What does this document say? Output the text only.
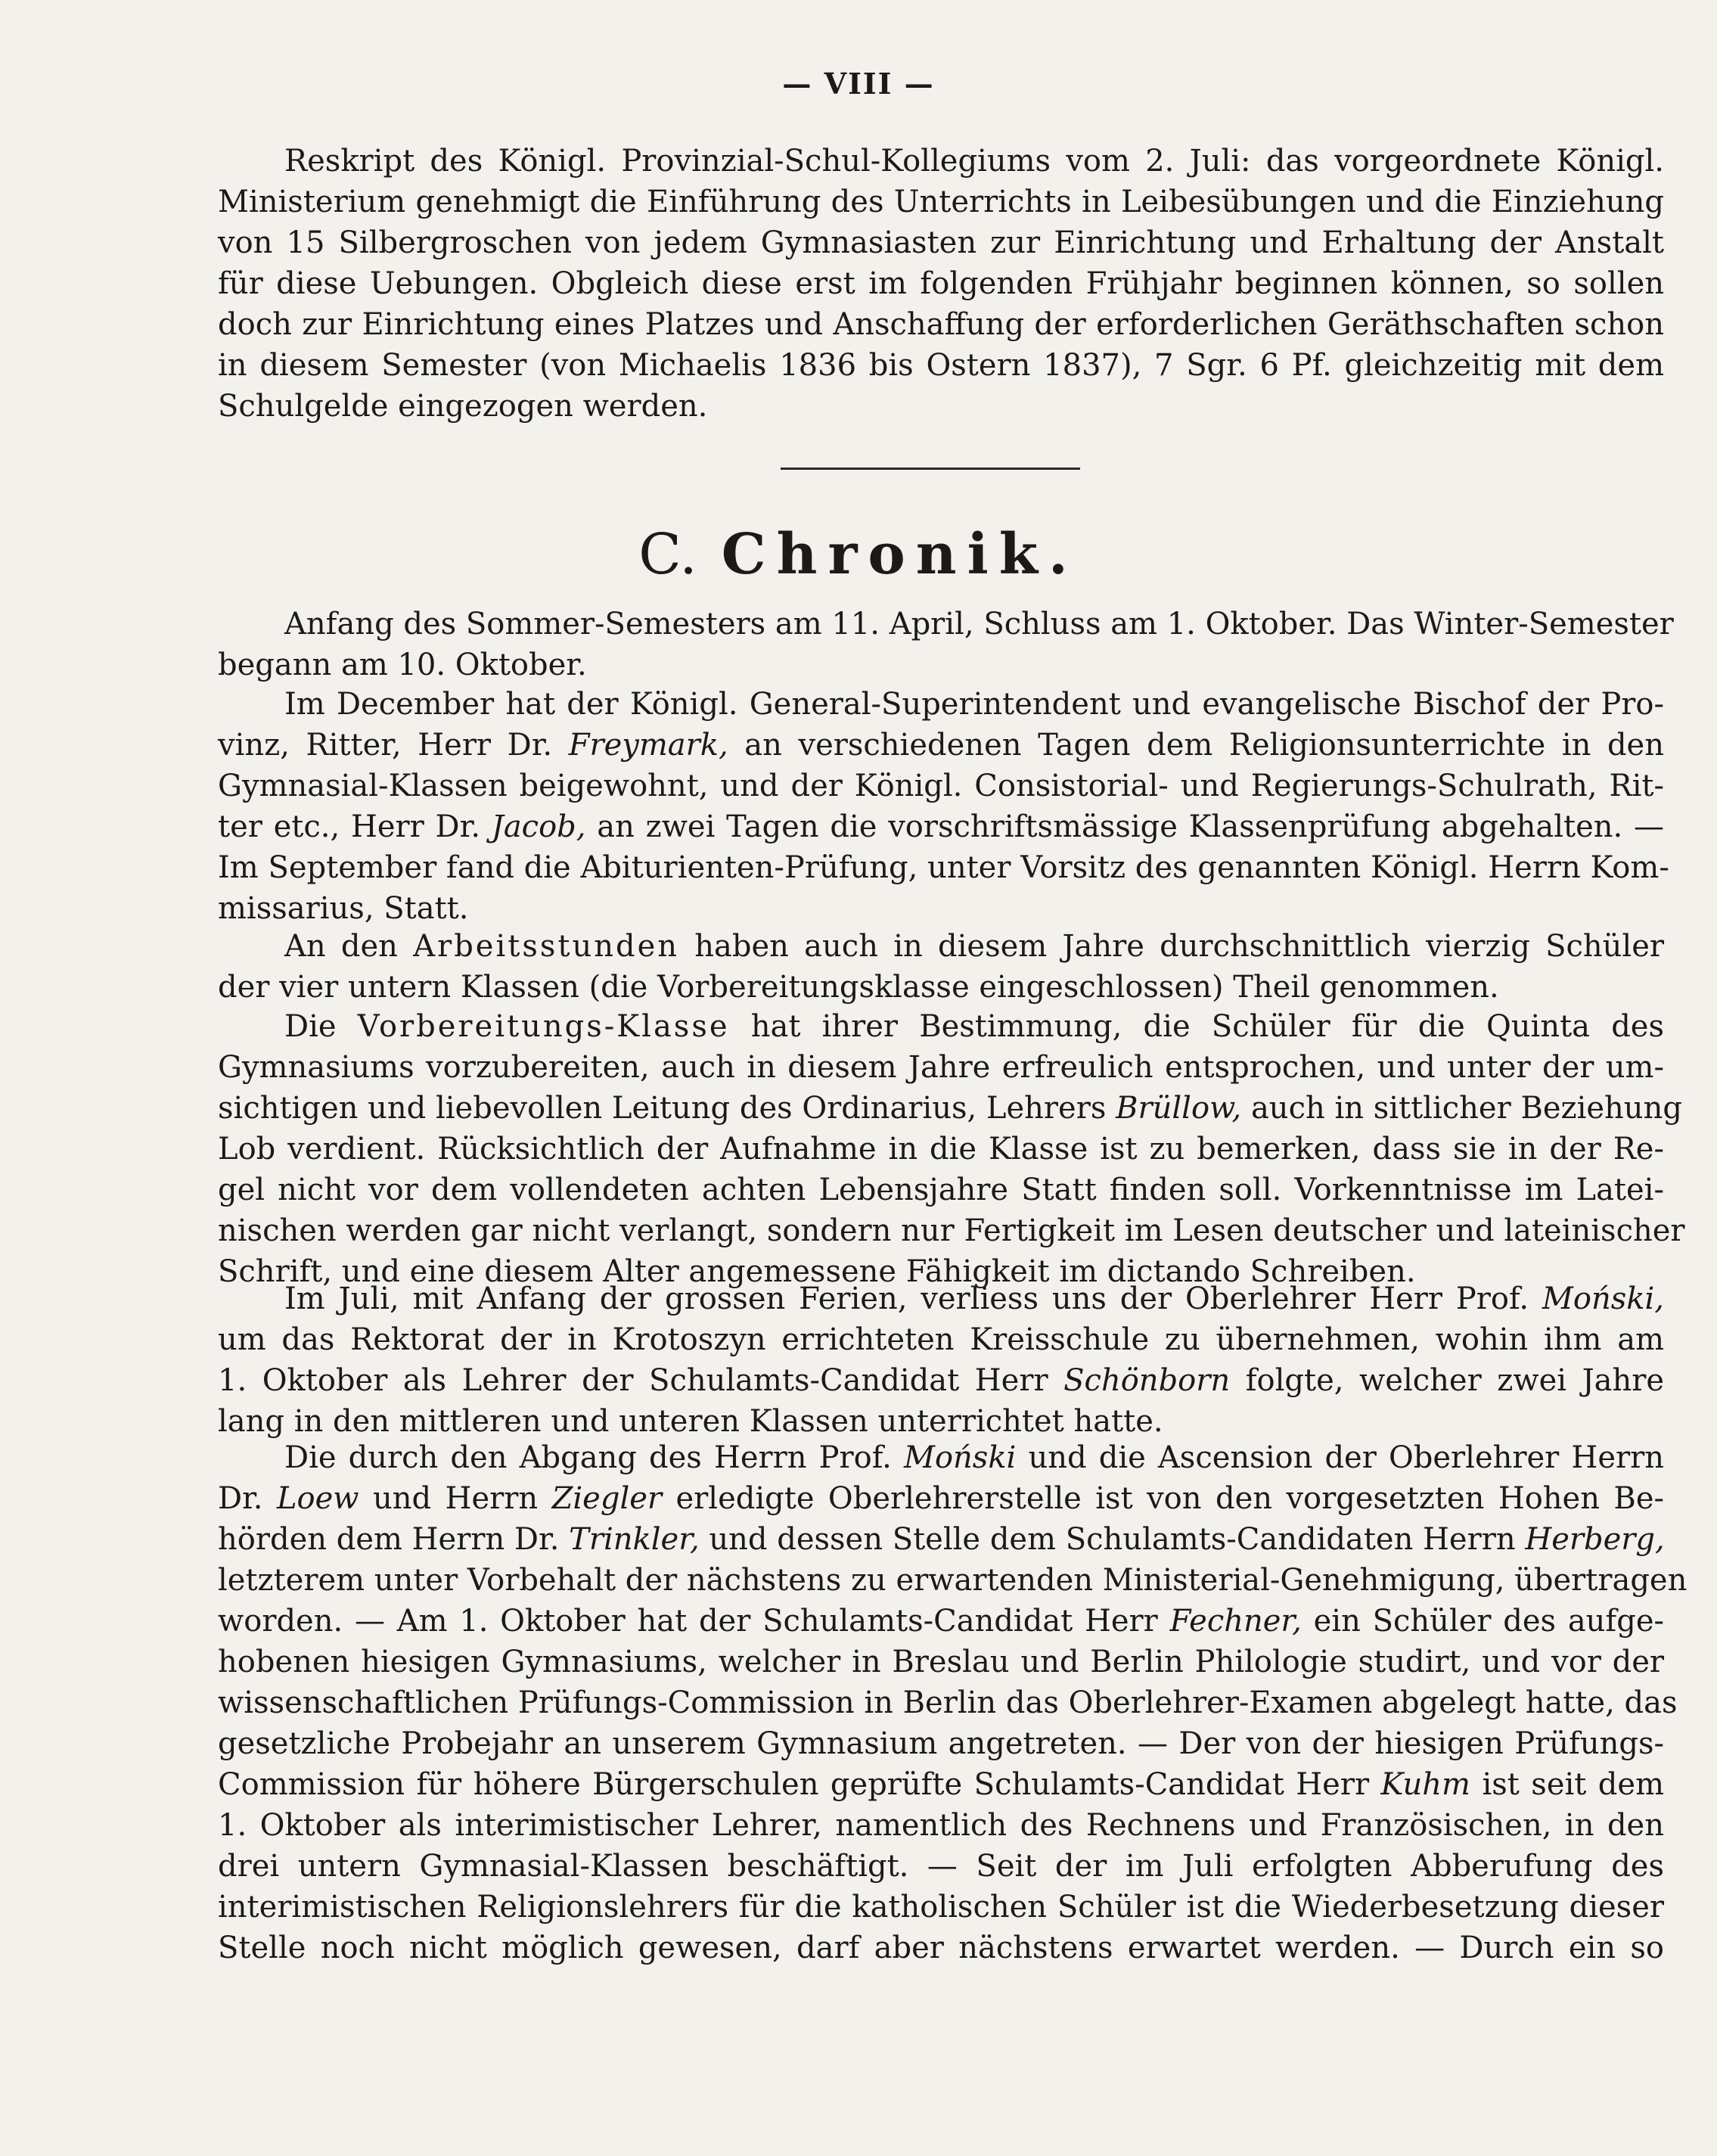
— VIII —
Reskript des Königl. Provinzial-Schul-Kollegiums vom 2. Juli: das vorgeordnete Königl.
Ministerium genehmigt die Einführung des Unterrichts in Leibesübungen und die Einziehung
von 15 Silbergroschen von jedem Gymnasiasten zur Einrichtung und Erhaltung der Anstalt
für diese Uebungen. Obgleich diese erst im folgenden Frühjahr beginnen können, so sollen
doch zur Einrichtung eines Platzes und Anschaffung der erforderlichen Geräthschaften schon
in diesem Semester (von Michaelis 1836 bis Ostern 1837), 7 Sgr. 6 Pf. gleichzeitig mit dem
Schulgelde eingezogen werden.
C. Chronik.
Anfang des Sommer-Semesters am 11. April, Schluss am 1. Oktober. Das Winter-Semester
begann am 10. Oktober.
Im December hat der Königl. General-Superintendent und evangelische Bischof der Pro-
vinz, Ritter, Herr Dr. Freymark, an verschiedenen Tagen dem Religionsunterrichte in den
Gymnasial-Klassen beigewohnt, und der Königl. Consistorial- und Regierungs-Schulrath, Rit-
ter etc., Herr Dr. Jacob, an zwei Tagen die vorschriftsmässige Klassenprüfung abgehalten. —
Im September fand die Abiturienten-Prüfung, unter Vorsitz des genannten Königl. Herrn Kom-
missarius, Statt.
An den Arbeitsstunden haben auch in diesem Jahre durchschnittlich vierzig Schüler
der vier untern Klassen (die Vorbereitungsklasse eingeschlossen) Theil genommen.
Die Vorbereitungs-Klasse hat ihrer Bestimmung, die Schüler für die Quinta des
Gymnasiums vorzubereiten, auch in diesem Jahre erfreulich entsprochen, und unter der um-
sichtigen und liebevollen Leitung des Ordinarius, Lehrers Brüllow, auch in sittlicher Beziehung
Lob verdient. Rücksichtlich der Aufnahme in die Klasse ist zu bemerken, dass sie in der Re-
gel nicht vor dem vollendeten achten Lebensjahre Statt finden soll. Vorkenntnisse im Latei-
nischen werden gar nicht verlangt, sondern nur Fertigkeit im Lesen deutscher und lateinischer
Schrift, und eine diesem Alter angemessene Fähigkeit im dictando Schreiben.
Im Juli, mit Anfang der grossen Ferien, verliess uns der Oberlehrer Herr Prof. Moński,
um das Rektorat der in Krotoszyn errichteten Kreisschule zu übernehmen, wohin ihm am
1. Oktober als Lehrer der Schulamts-Candidat Herr Schönborn folgte, welcher zwei Jahre
lang in den mittleren und unteren Klassen unterrichtet hatte.
Die durch den Abgang des Herrn Prof. Moński und die Ascension der Oberlehrer Herrn
Dr. Loew und Herrn Ziegler erledigte Oberlehrerstelle ist von den vorgesetzten Hohen Be-
hörden dem Herrn Dr. Trinkler, und dessen Stelle dem Schulamts-Candidaten Herrn Herberg,
letzterem unter Vorbehalt der nächstens zu erwartenden Ministerial-Genehmigung, übertragen
worden. — Am 1. Oktober hat der Schulamts-Candidat Herr Fechner, ein Schüler des aufge-
hobenen hiesigen Gymnasiums, welcher in Breslau und Berlin Philologie studirt, und vor der
wissenschaftlichen Prüfungs-Commission in Berlin das Oberlehrer-Examen abgelegt hatte, das
gesetzliche Probejahr an unserem Gymnasium angetreten. — Der von der hiesigen Prüfungs-
Commission für höhere Bürgerschulen geprüfte Schulamts-Candidat Herr Kuhm ist seit dem
1. Oktober als interimistischer Lehrer, namentlich des Rechnens und Französischen, in den
drei untern Gymnasial-Klassen beschäftigt. — Seit der im Juli erfolgten Abberufung des
interimistischen Religionslehrers für die katholischen Schüler ist die Wiederbesetzung dieser
Stelle noch nicht möglich gewesen, darf aber nächstens erwartet werden. — Durch ein so
